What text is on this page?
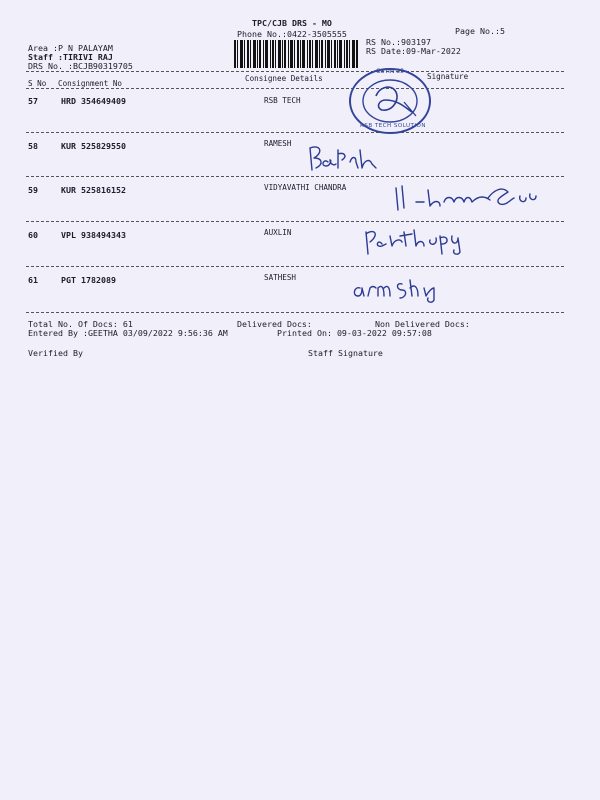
TPC/CJB DRS - MO
Phone No.:0422-3505555	Page No.:5
RS No.:903197
RS Date:09-Mar-2022
Area :P N PALAYAM
Staff :TIRIVI RAJ
DRS No. :BCJB90319705
S No Consignment No
Consignee Details	Signature
57	HRD 354649409	RSB TECH
58	KUR 525829550	RAMESH
59	KUR 525816152	VIDYAVATHI CHANDRA
60	VPL 938494343	AUXLIN
61	PGT 1782089	SATHESH
Total No. Of Docs: 61	Delivered Docs:	Non Delivered Docs:
Entered By :GEETHA 03/09/2022 9:56:36 AM	Printed On: 09-03-2022 09:57:08
Verified By	Staff Signature
GSTIN 33
RSB TECH SOLUTION
